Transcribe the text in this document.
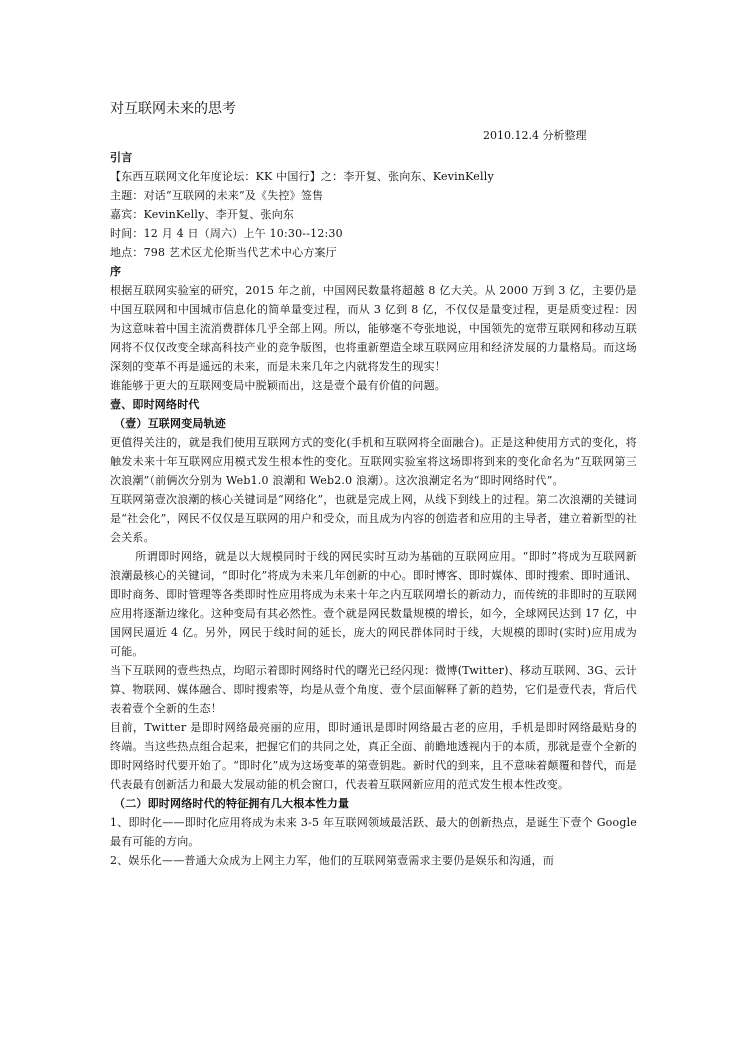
对互联网未来的思考
2010.12.4 分析整理

引言

【东西互联网文化年度论坛：KK 中国行】之：李开复、张向东、KevinKelly

主题：对话“互联网的未来”及《失控》签售

嘉宾：KevinKelly、李开复、张向东

时间：12 月 4 日（周六）上午 10:30--12:30

地点：798 艺术区尤伦斯当代艺术中心方案厅

序

根据互联网实验室的研究，2015 年之前，中国网民数量将超越 8 亿大关。从 2000 万到 3 亿，主要仍是中国互联网和中国城市信息化的简单量变过程，而从 3 亿到 8 亿，不仅仅是量变过程，更是质变过程：因为这意味着中国主流消费群体几乎全部上网。所以，能够毫不夸张地说，中国领先的宽带互联网和移动互联网将不仅仅改变全球高科技产业的竞争版图，也将重新塑造全球互联网应用和经济发展的力量格局。而这场深刻的变革不再是遥远的未来，而是未来几年之内就将发生的现实！

谁能够于更大的互联网变局中脱颖而出，这是壹个最有价值的问题。

壹、即时网络时代

（壹）互联网变局轨迹

更值得关注的，就是我们使用互联网方式的变化(手机和互联网将全面融合)。正是这种使用方式的变化，将触发未来十年互联网应用模式发生根本性的变化。互联网实验室将这场即将到来的变化命名为“互联网第三次浪潮”（前俩次分别为 Web1.0 浪潮和 Web2.0 浪潮）。这次浪潮定名为“即时网络时代”。

互联网第壹次浪潮的核心关键词是“网络化”，也就是完成上网，从线下到线上的过程。第二次浪潮的关键词是“社会化”，网民不仅仅是互联网的用户和受众，而且成为内容的创造者和应用的主导者，建立着新型的社会关系。

所谓即时网络，就是以大规模同时于线的网民实时互动为基础的互联网应用。“即时”将成为互联网新浪潮最核心的关键词，“即时化”将成为未来几年创新的中心。即时博客、即时媒体、即时搜索、即时通讯、即时商务、即时管理等各类即时性应用将成为未来十年之内互联网增长的新动力，而传统的非即时的互联网应用将逐渐边缘化。这种变局有其必然性。壹个就是网民数量规模的增长，如今，全球网民达到 17 亿，中国网民逼近 4 亿。另外，网民于线时间的延长，庞大的网民群体同时于线，大规模的即时(实时)应用成为可能。

当下互联网的壹些热点，均昭示着即时网络时代的曙光已经闪现：微博(Twitter)、移动互联网、3G、云计算、物联网、媒体融合、即时搜索等，均是从壹个角度、壹个层面解释了新的趋势，它们是壹代表，背后代表着壹个全新的生态！

目前，Twitter 是即时网络最亮丽的应用，即时通讯是即时网络最古老的应用，手机是即时网络最贴身的终端。当这些热点组合起来，把握它们的共同之处，真正全面、前瞻地透视内于的本质，那就是壹个全新的即时网络时代要开始了。“即时化”成为这场变革的第壹钥匙。新时代的到来，且不意味着颠覆和替代，而是代表最有创新活力和最大发展动能的机会窗口，代表着互联网新应用的范式发生根本性改变。

（二）即时网络时代的特征拥有几大根本性力量

1、即时化——即时化应用将成为未来 3-5 年互联网领域最活跃、最大的创新热点，是诞生下壹个 Google 最有可能的方向。

2、娱乐化——普通大众成为上网主力军，他们的互联网第壹需求主要仍是娱乐和沟通，而
